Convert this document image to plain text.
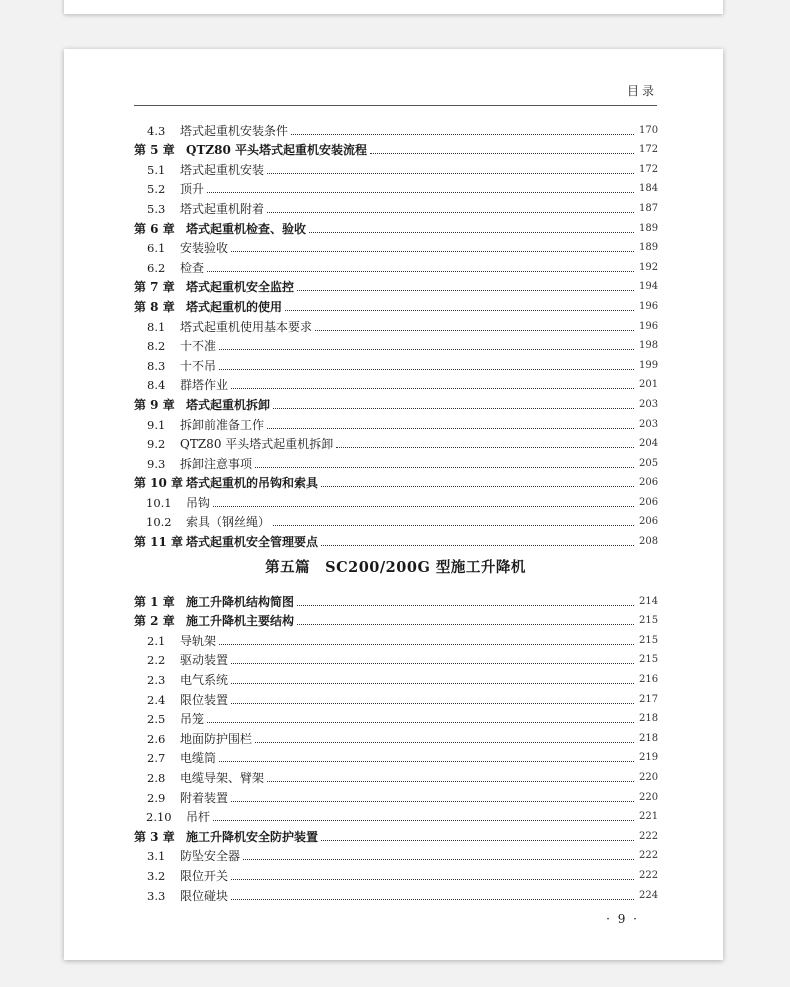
目录
4.3 塔式起重机安装条件	170
第 5 章 QTZ80 平头塔式起重机安装流程	172
5.1 塔式起重机安装	172
5.2 顶升	184
5.3 塔式起重机附着	187
第 6 章 塔式起重机检查、验收	189
6.1 安装验收	189
6.2 检查	192
第 7 章 塔式起重机安全监控	194
第 8 章 塔式起重机的使用	196
8.1 塔式起重机使用基本要求	196
8.2 十不准	198
8.3 十不吊	199
8.4 群塔作业	201
第 9 章 塔式起重机拆卸	203
9.1 拆卸前准备工作	203
9.2 QTZ80 平头塔式起重机拆卸	204
9.3 拆卸注意事项	205
第 10 章 塔式起重机的吊钩和索具	206
10.1 吊钩	206
10.2 索具（钢丝绳）	206
第 11 章 塔式起重机安全管理要点	208
第五篇　SC200/200G 型施工升降机
第 1 章 施工升降机结构简图	214
第 2 章 施工升降机主要结构	215
2.1 导轨架	215
2.2 驱动装置	215
2.3 电气系统	216
2.4 限位装置	217
2.5 吊笼	218
2.6 地面防护围栏	218
2.7 电缆筒	219
2.8 电缆导架、臂架	220
2.9 附着装置	220
2.10 吊杆	221
第 3 章 施工升降机安全防护装置	222
3.1 防坠安全器	222
3.2 限位开关	222
3.3 限位碰块	224
· 9 ·
